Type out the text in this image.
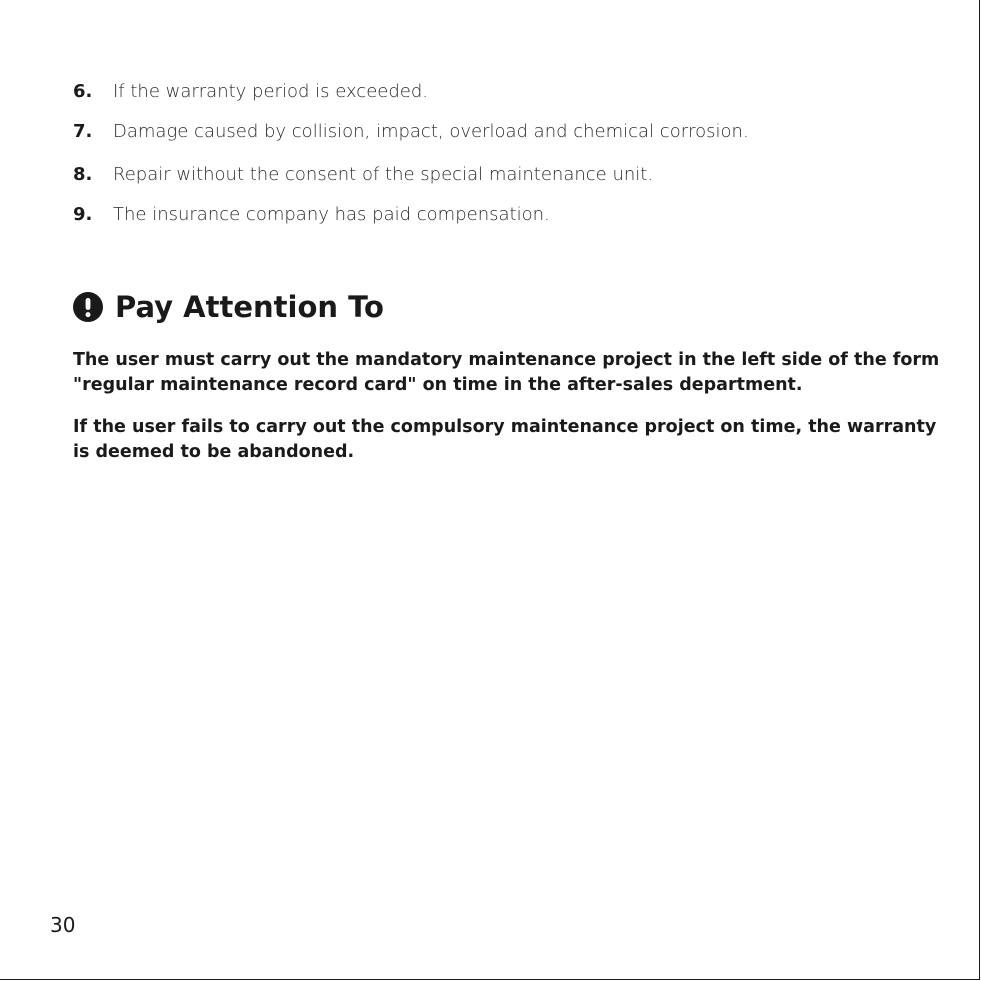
6.	If the warranty period is exceeded.
7.	Damage caused by collision, impact, overload and chemical corrosion.
8.	Repair without the consent of the special maintenance unit.
9.	The insurance company has paid compensation.
Pay Attention To

The user must carry out the mandatory maintenance project in the left side of the form "regular maintenance record card" on time in the after-sales department.

If the user fails to carry out the compulsory maintenance project on time, the warranty is deemed to be abandoned.

30
